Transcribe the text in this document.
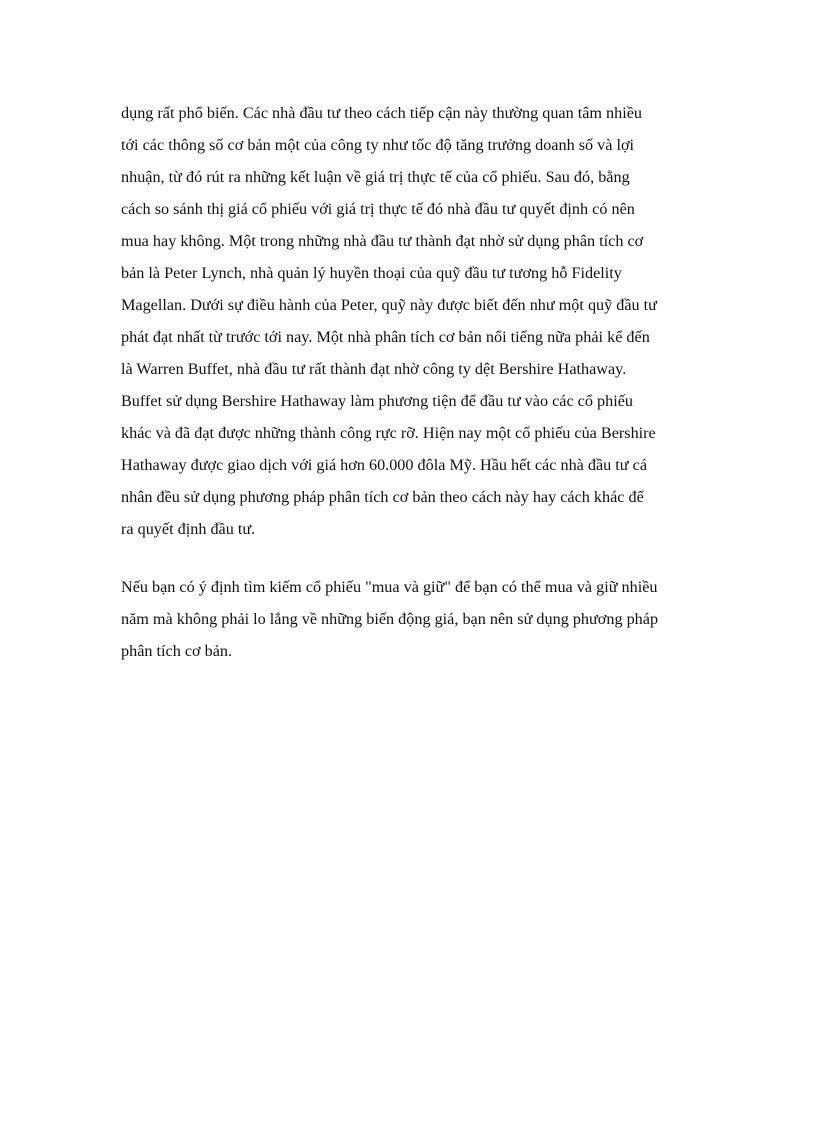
dụng rất phổ biến. Các nhà đầu tư theo cách tiếp cận này thường quan tâm nhiều
tới các thông số cơ bản một của công ty như tốc độ tăng trưởng doanh số và lợi
nhuận, từ đó rút ra những kết luận về giá trị thực tế của cổ phiếu. Sau đó, bằng
cách so sánh thị giá cổ phiếu với giá trị thực tế đó nhà đầu tư quyết định có nên
mua hay không. Một trong những nhà đầu tư thành đạt nhờ sử dụng phân tích cơ
bản là Peter Lynch, nhà quản lý huyền thoại của quỹ đầu tư tương hỗ Fidelity
Magellan. Dưới sự điều hành của Peter, quỹ này được biết đến như một quỹ đầu tư
phát đạt nhất từ trước tới nay. Một nhà phân tích cơ bản nổi tiếng nữa phải kể đến
là Warren Buffet, nhà đầu tư rất thành đạt nhờ công ty dệt Bershire Hathaway.
Buffet sử dụng Bershire Hathaway làm phương tiện để đầu tư vào các cổ phiếu
khác và đã đạt được những thành công rực rỡ. Hiện nay một cổ phiếu của Bershire
Hathaway được giao dịch với giá hơn 60.000 đôla Mỹ. Hầu hết các nhà đầu tư cá
nhân đều sử dụng phương pháp phân tích cơ bản theo cách này hay cách khác để
ra quyết định đầu tư.
Nếu bạn có ý định tìm kiếm cổ phiếu "mua và giữ" để bạn có thể mua và giữ nhiều
năm mà không phải lo lắng về những biến động giá, bạn nên sử dụng phương pháp
phân tích cơ bản.
